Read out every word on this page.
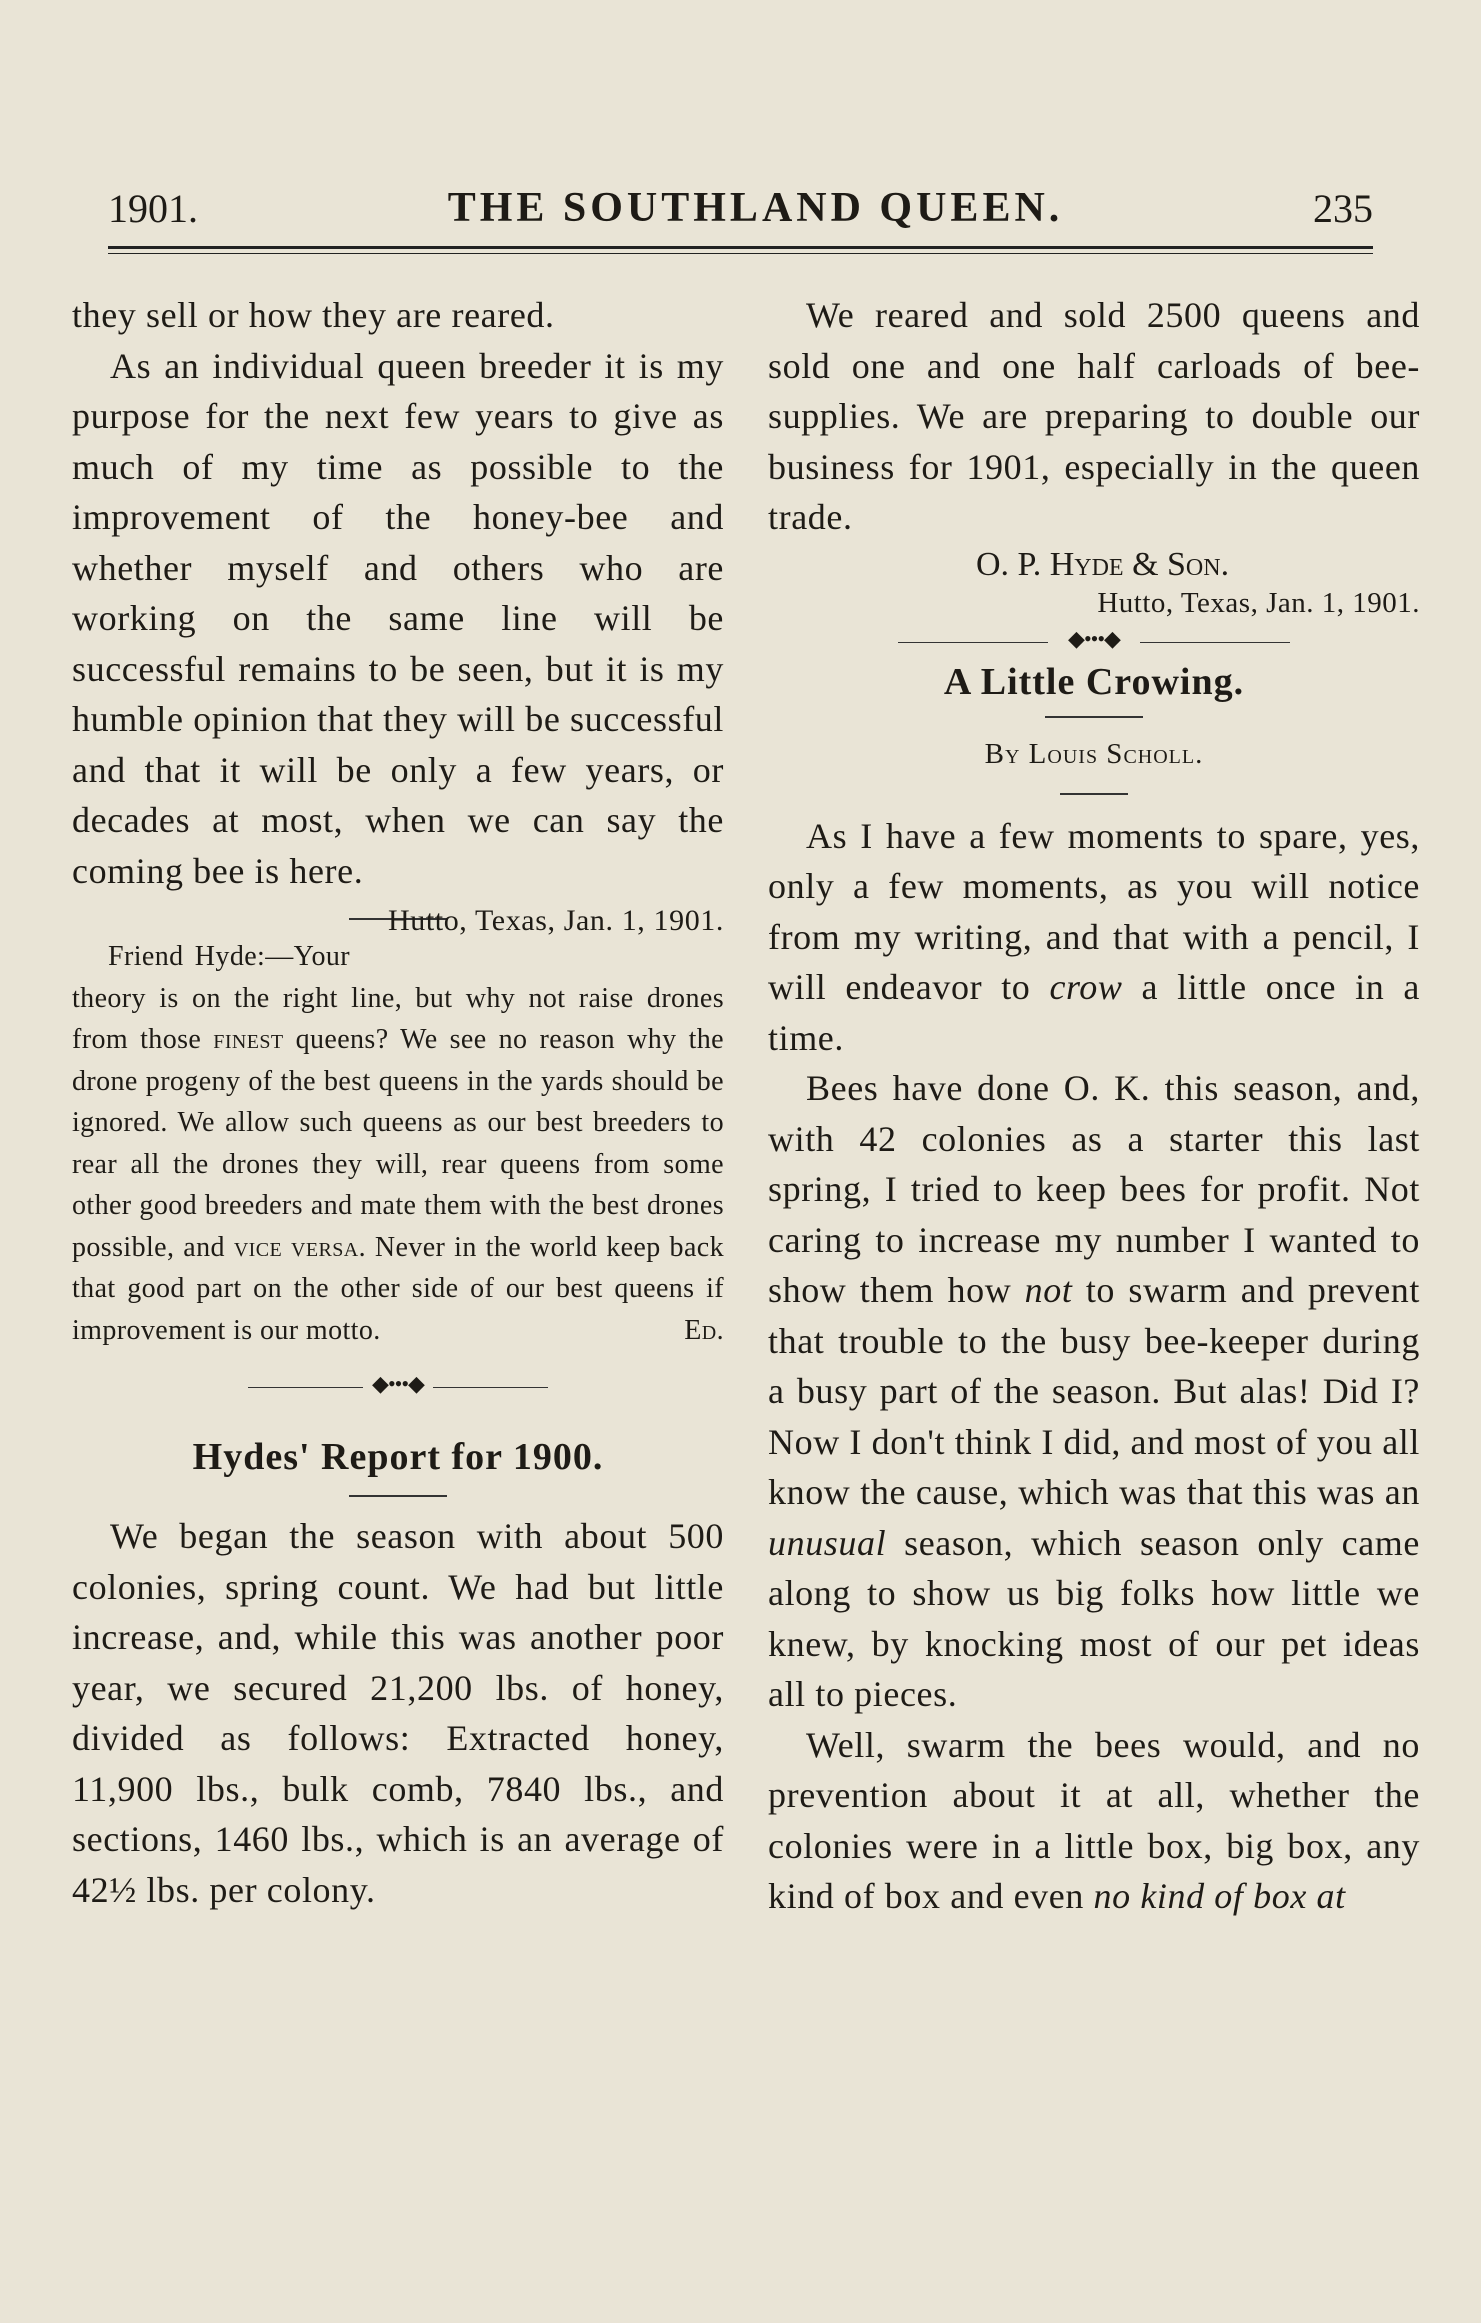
1901.	THE SOUTHLAND QUEEN.	235

they sell or how they are reared.

As an individual queen breeder it is my purpose for the next few years to give as much of my time as possible to the improvement of the honey-bee and whether myself and others who are working on the same line will be successful remains to be seen, but it is my humble opinion that they will be successful and that it will be only a few years, or decades at most, when we can say the coming bee is here.
Hutto, Texas, Jan. 1, 1901.

Friend Hyde:—Your theory is on the right line, but why not raise drones from those finest queens? We see no reason why the drone progeny of the best queens in the yards should be ignored. We allow such queens as our best breeders to rear all the drones they will, rear queens from some other good breeders and mate them with the best drones possible, and vice versa. Never in the world keep back that good part on the other side of our best queens if improvement is our motto.	Ed.

◆•••◆

Hydes' Report for 1900.

We began the season with about 500 colonies, spring count. We had but little increase, and, while this was another poor year, we secured 21,200 lbs. of honey, divided as follows: Extracted honey, 11,900 lbs., bulk comb, 7840 lbs., and sections, 1460 lbs., which is an average of 42½ lbs. per colony.

We reared and sold 2500 queens and sold one and one half carloads of bee-supplies. We are preparing to double our business for 1901, especially in the queen trade.

O. P. Hyde & Son.

Hutto, Texas, Jan. 1, 1901.

◆•••◆

A Little Crowing.

By Louis Scholl.

As I have a few moments to spare, yes, only a few moments, as you will notice from my writing, and that with a pencil, I will endeavor to crow a little once in a time.

Bees have done O. K. this season, and, with 42 colonies as a starter this last spring, I tried to keep bees for profit. Not caring to increase my number I wanted to show them how not to swarm and prevent that trouble to the busy bee-keeper during a busy part of the season. But alas! Did I? Now I don't think I did, and most of you all know the cause, which was that this was an unusual season, which season only came along to show us big folks how little we knew, by knocking most of our pet ideas all to pieces.

Well, swarm the bees would, and no prevention about it at all, whether the colonies were in a little box, big box, any kind of box and even no kind of box at
